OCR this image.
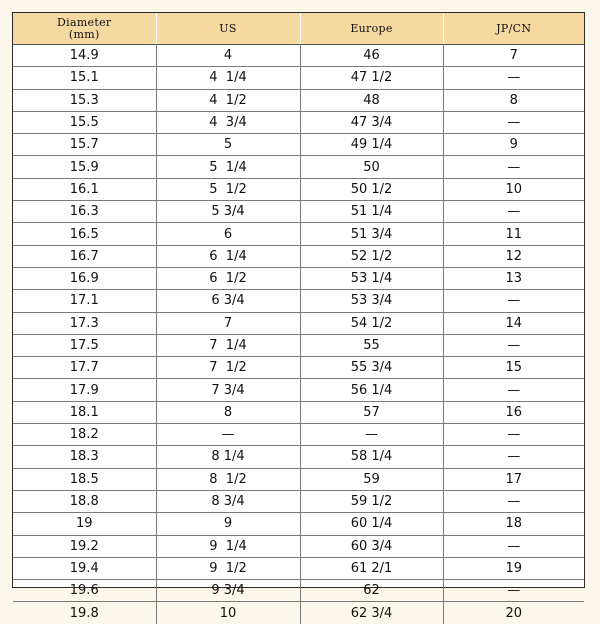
Diameter
(mm)	US	Europe	JP/CN
14.9	4	46	7
15.1	4  1/4	47 1/2	—
15.3	4  1/2	48	8
15.5	4  3/4	47 3/4	—
15.7	5	49 1/4	9
15.9	5  1/4	50	—
16.1	5  1/2	50 1/2	10
16.3	5 3/4	51 1/4	—
16.5	6	51 3/4	11
16.7	6  1/4	52 1/2	12
16.9	6  1/2	53 1/4	13
17.1	6 3/4	53 3/4	—
17.3	7	54 1/2	14
17.5	7  1/4	55	—
17.7	7  1/2	55 3/4	15
17.9	7 3/4	56 1/4	—
18.1	8	57	16
18.2	—	—	—
18.3	8 1/4	58 1/4	—
18.5	8  1/2	59	17
18.8	8 3/4	59 1/2	—
19	9	60 1/4	18
19.2	9  1/4	60 3/4	—
19.4	9  1/2	61 2/1	19
19.6	9 3/4	62	—
19.8	10	62 3/4	20
